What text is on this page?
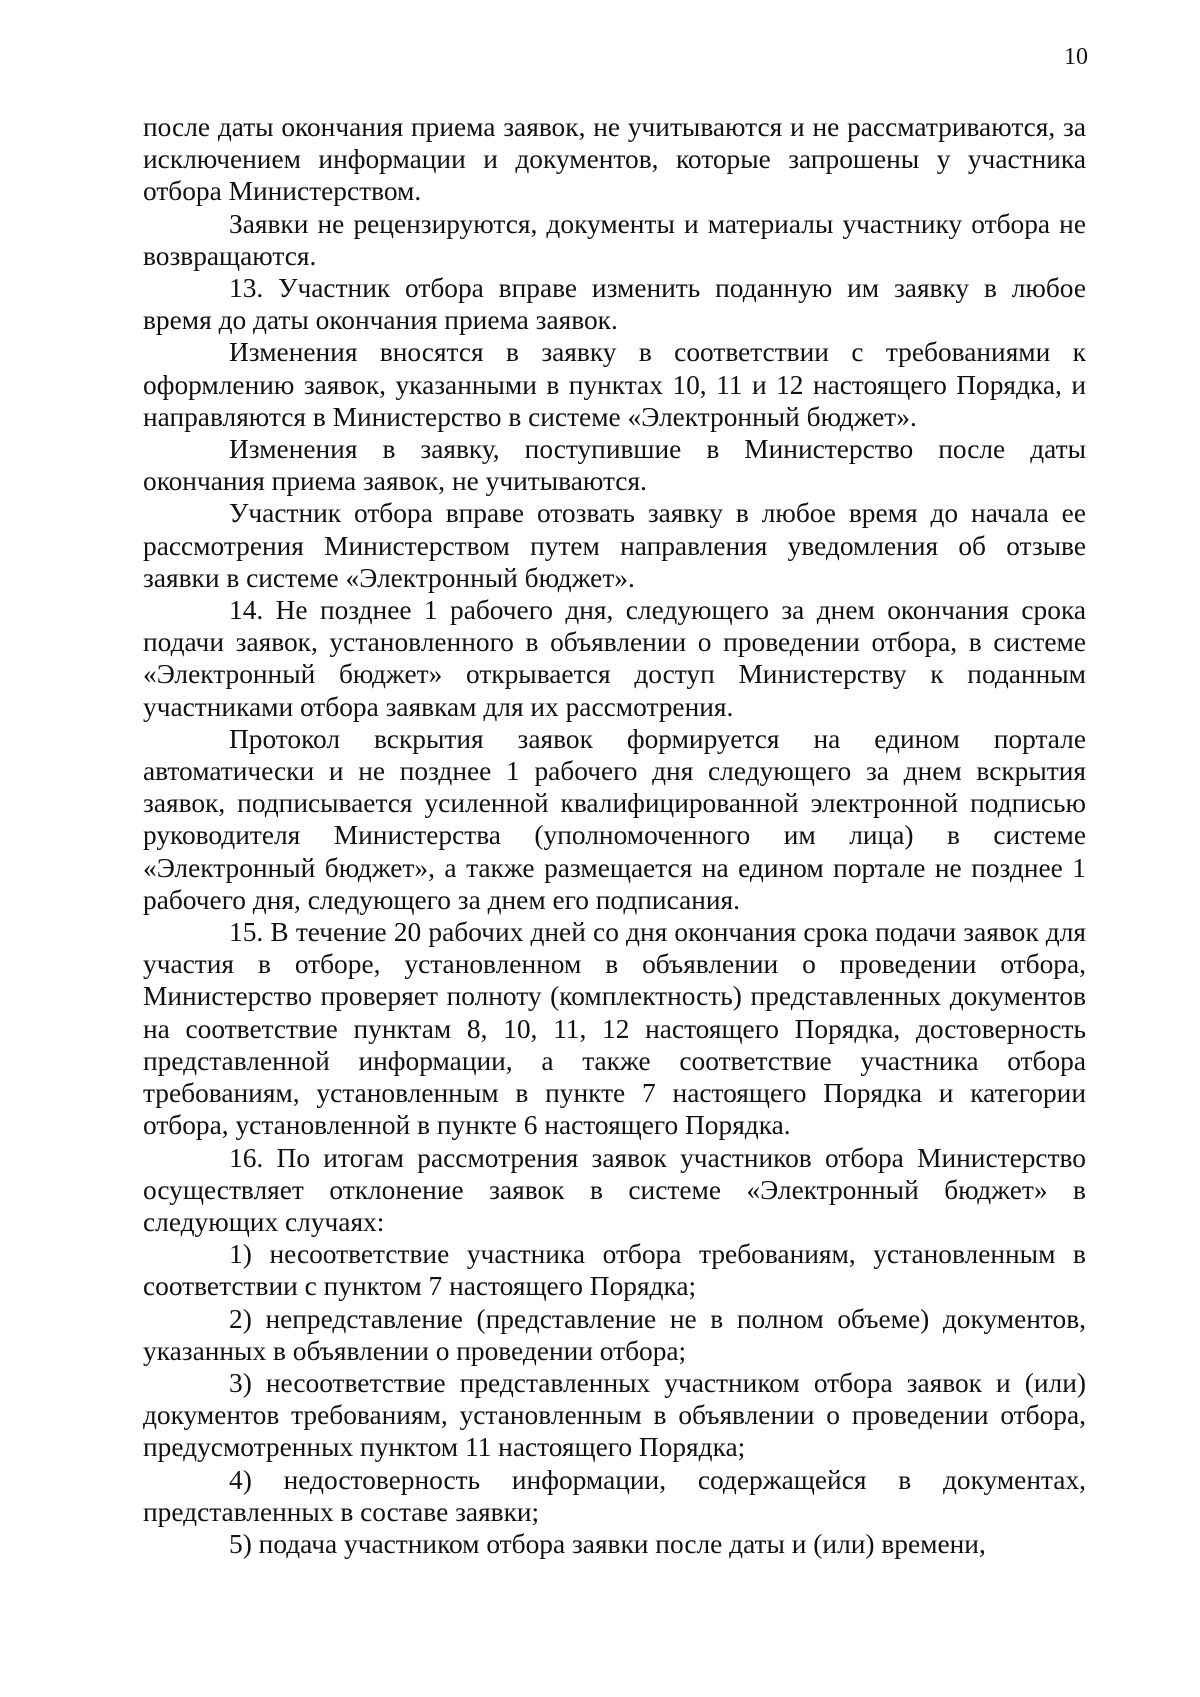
10

после даты окончания приема заявок, не учитываются и не рассматриваются, за исключением информации и документов, которые запрошены у участника отбора Министерством.

Заявки не рецензируются, документы и материалы участнику отбора не возвращаются.

13. Участник отбора вправе изменить поданную им заявку в любое время до даты окончания приема заявок.

Изменения вносятся в заявку в соответствии с требованиями к оформлению заявок, указанными в пунктах 10, 11 и 12 настоящего Порядка, и направляются в Министерство в системе «Электронный бюджет».

Изменения в заявку, поступившие в Министерство после даты окончания приема заявок, не учитываются.

Участник отбора вправе отозвать заявку в любое время до начала ее рассмотрения Министерством путем направления уведомления об отзыве заявки в системе «Электронный бюджет».

14. Не позднее 1 рабочего дня, следующего за днем окончания срока подачи заявок, установленного в объявлении о проведении отбора, в системе «Электронный бюджет» открывается доступ Министерству к поданным участниками отбора заявкам для их рассмотрения.

Протокол вскрытия заявок формируется на едином портале автоматически и не позднее 1 рабочего дня следующего за днем вскрытия заявок, подписывается усиленной квалифицированной электронной подписью руководителя Министерства (уполномоченного им лица) в системе «Электронный бюджет», а также размещается на едином портале не позднее 1 рабочего дня, следующего за днем его подписания.

15. В течение 20 рабочих дней со дня окончания срока подачи заявок для участия в отборе, установленном в объявлении о проведении отбора, Министерство проверяет полноту (комплектность) представленных документов на соответствие пунктам 8, 10, 11, 12 настоящего Порядка, достоверность представленной информации, а также соответствие участника отбора требованиям, установленным в пункте 7 настоящего Порядка и категории отбора, установленной в пункте 6 настоящего Порядка.

16. По итогам рассмотрения заявок участников отбора Министерство осуществляет отклонение заявок в системе «Электронный бюджет» в следующих случаях:

1) несоответствие участника отбора требованиям, установленным в соответствии с пунктом 7 настоящего Порядка;

2) непредставление (представление не в полном объеме) документов, указанных в объявлении о проведении отбора;

3) несоответствие представленных участником отбора заявок и (или) документов требованиям, установленным в объявлении о проведении отбора, предусмотренных пунктом 11 настоящего Порядка;

4) недостоверность информации, содержащейся в документах, представленных в составе заявки;

5) подача участником отбора заявки после даты и (или) времени,
